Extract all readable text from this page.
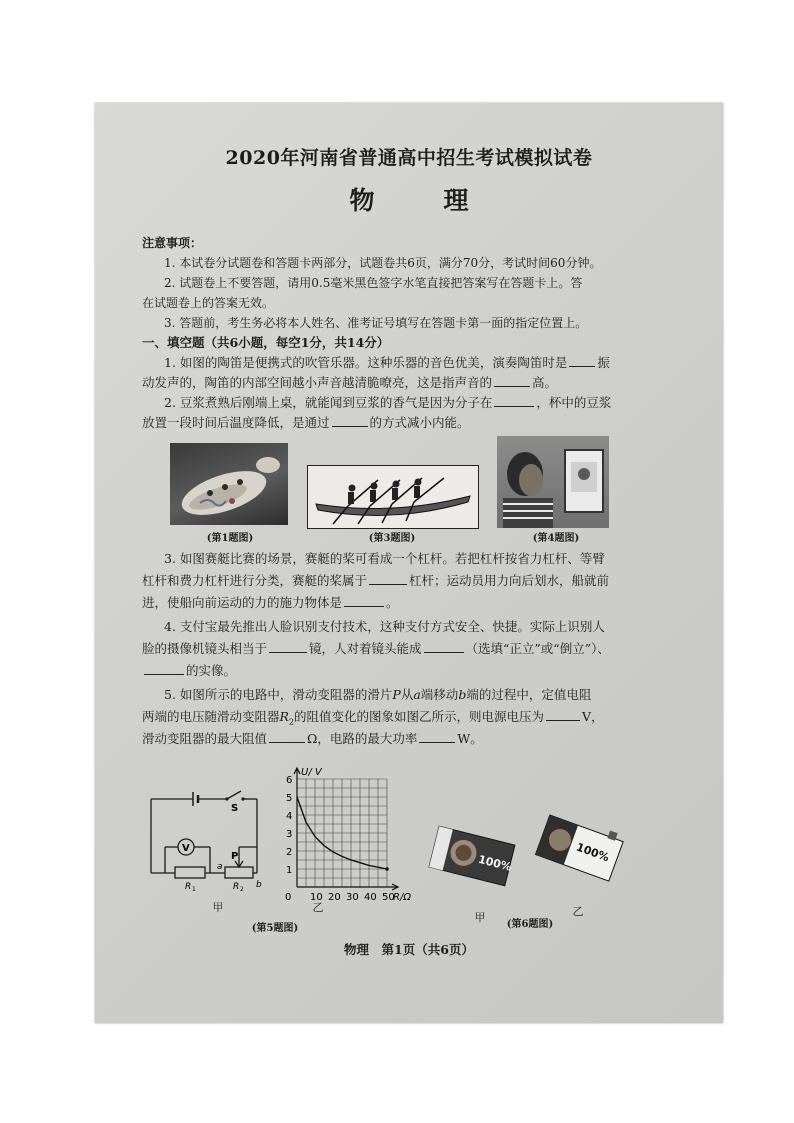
2020年河南省普通高中招生考试模拟试卷
物　理
注意事项：
1. 本试卷分试题卷和答题卡两部分，试题卷共6页，满分70分，考试时间60分钟。
2. 试题卷上不要答题，请用0.5毫米黑色签字水笔直接把答案写在答题卡上。答
在试题卷上的答案无效。
3. 答题前，考生务必将本人姓名、准考证号填写在答题卡第一面的指定位置上。
一、填空题（共6小题，每空1分，共14分）
1. 如图的陶笛是便携式的吹管乐器。这种乐器的音色优美，演奏陶笛时是 振
动发声的，陶笛的内部空间越小声音越清脆嘹亮，这是指声音的	高。
2. 豆浆煮熟后刚端上桌，就能闻到豆浆的香气是因为分子在	，杯中的豆浆
放置一段时间后温度降低，是通过	的方式减小内能。
(第1题图)	(第3题图)	(第4题图)
3. 如图赛艇比赛的场景，赛艇的桨可看成一个杠杆。若把杠杆按省力杠杆、等臂
杠杆和费力杠杆进行分类，赛艇的桨属于	杠杆；运动员用力向后划水，船就前
进，使船向前运动的力的施力物体是	。
4. 支付宝最先推出人脸识别支付技术，这种支付方式安全、快捷。实际上识别人
脸的摄像机镜头相当于	镜，人对着镜头能成	（选填“正立”或“倒立”）、
的实像。
5. 如图所示的电路中，滑动变阻器的滑片P从a端移动b端的过程中，定值电阻
两端的电压随滑动变阻器$R_2$的阻值变化的图象如图乙所示，则电源电压为	V，
滑动变阻器的最大阻值	Ω，电路的最大功率	W。
S
V
P
a
b
R 1	R 2
甲
0 10 20 30 40 50
1
2
3
4
5
6
U/ V
R/Ω
乙
(第5题图)
100%	100%
甲	乙
(第6题图)
物理　第1页（共6页）
